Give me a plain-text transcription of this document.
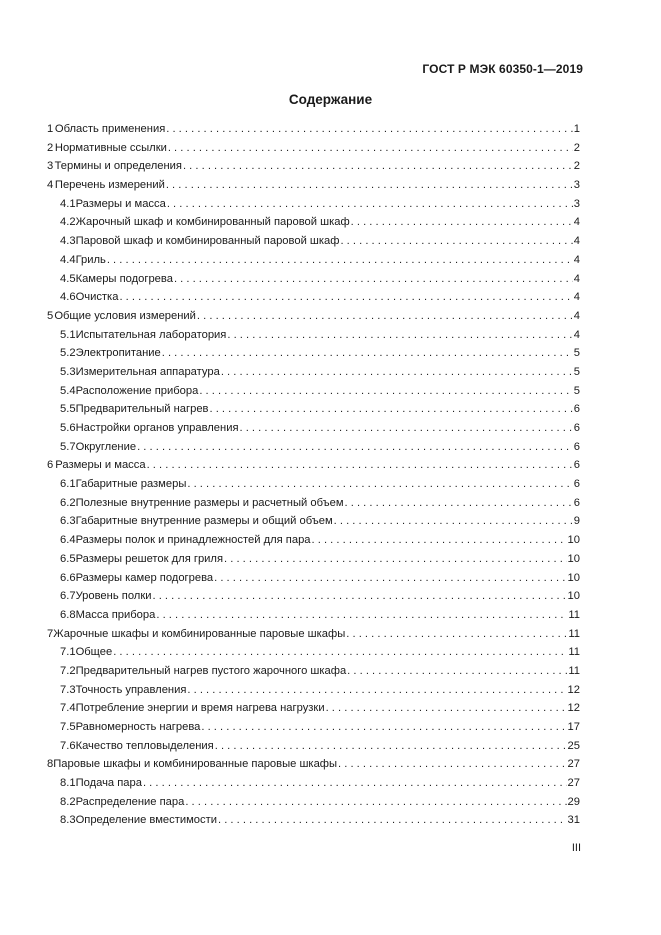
ГОСТ Р МЭК 60350-1—2019
Содержание
1 Область применения . . .	1
2 Нормативные ссылки . . .	2
3 Термины и определения . . .	2
4 Перечень измерений . . .	3
4.1 Размеры и масса . . .	3
4.2 Жарочный шкаф и комбинированный паровой шкаф . . .	4
4.3 Паровой шкаф и комбинированный паровой шкаф . . .	4
4.4 Гриль . . .	4
4.5 Камеры подогрева . . .	4
4.6 Очистка . . .	4
5 Общие условия измерений . . .	4
5.1 Испытательная лаборатория . . .	4
5.2 Электропитание . . .	5
5.3 Измерительная аппаратура . . .	5
5.4 Расположение прибора . . .	5
5.5 Предварительный нагрев . . .	6
5.6 Настройки органов управления . . .	6
5.7 Округление . . .	6
6 Размеры и масса . . .	6
6.1 Габаритные размеры . . .	6
6.2 Полезные внутренние размеры и расчетный объем . . .	6
6.3 Габаритные внутренние размеры и общий объем . . .	9
6.4 Размеры полок и принадлежностей для пара . . .	10
6.5 Размеры решеток для гриля . . .	10
6.6 Размеры камер подогрева . . .	10
6.7 Уровень полки . . .	10
6.8 Масса прибора . . .	11
7 Жарочные шкафы и комбинированные паровые шкафы . . .	11
7.1 Общее . . .	11
7.2 Предварительный нагрев пустого жарочного шкафа . . .	11
7.3 Точность управления . . .	12
7.4 Потребление энергии и время нагрева нагрузки . . .	12
7.5 Равномерность нагрева . . .	17
7.6 Качество тепловыделения . . .	25
8 Паровые шкафы и комбинированные паровые шкафы . . .	27
8.1 Подача пара . . .	27
8.2 Распределение пара . . .	29
8.3 Определение вместимости . . .	31
III
